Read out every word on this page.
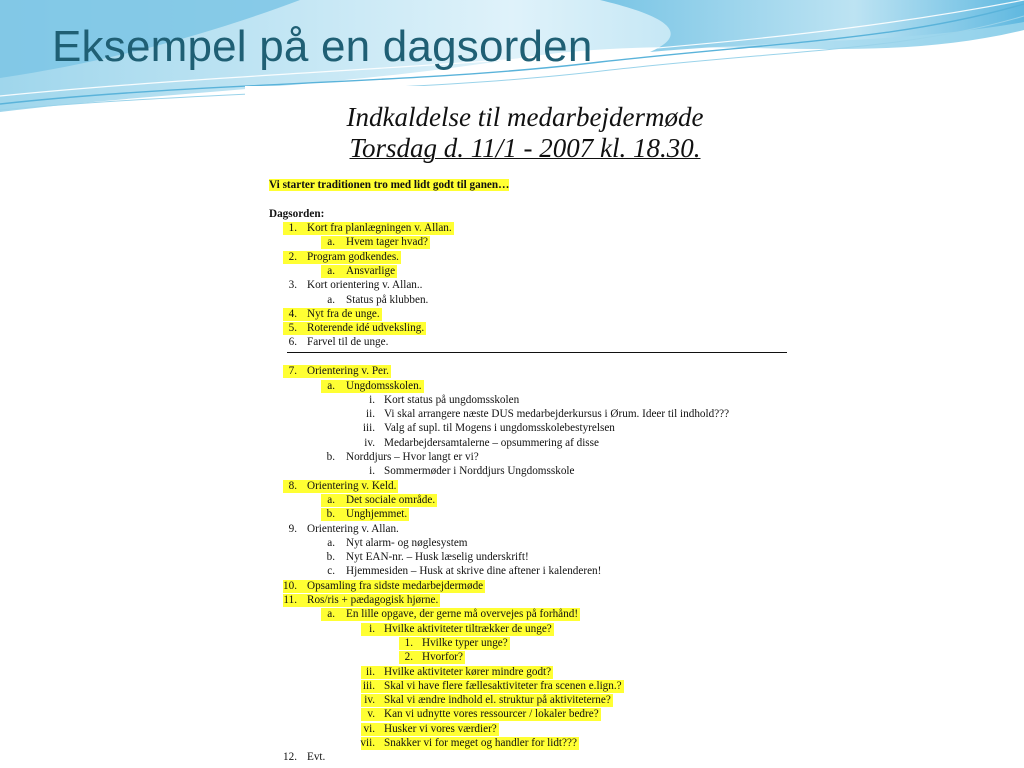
Eksempel på en dagsorden
Indkaldelse til medarbejdermøde
Torsdag d. 11/1 - 2007 kl. 18.30.
Vi starter traditionen tro med lidt godt til ganen…
Dagsorden:
1. Kort fra planlægningen v. Allan.
a. Hvem tager hvad?
2. Program godkendes.
a. Ansvarlige
3. Kort orientering v. Allan..
a. Status på klubben.
4. Nyt fra de unge.
5. Roterende idé udveksling.
6. Farvel til de unge.
7. Orientering v. Per.
a. Ungdomsskolen.
i. Kort status på ungdomsskolen
ii. Vi skal arrangere næste DUS medarbejderkursus i Ørum. Ideer til indhold???
iii. Valg af supl. til Mogens i ungdomsskolebestyrelsen
iv. Medarbejdersamtalerne – opsummering af disse
b. Norddjurs – Hvor langt er vi?
i. Sommermøder i Norddjurs Ungdomsskole
8. Orientering v. Keld.
a. Det sociale område.
b. Unghjemmet.
9. Orientering v. Allan.
a. Nyt alarm- og nøglesystem
b. Nyt EAN-nr. – Husk læselig underskrift!
c. Hjemmesiden – Husk at skrive dine aftener i kalenderen!
10. Opsamling fra sidste medarbejdermøde
11. Ros/ris + pædagogisk hjørne.
a. En lille opgave, der gerne må overvejes på forhånd!
i. Hvilke aktiviteter tiltrækker de unge?
1. Hvilke typer unge?
2. Hvorfor?
ii. Hvilke aktiviteter kører mindre godt?
iii. Skal vi have flere fællesaktiviteter fra scenen e.lign.?
iv. Skal vi ændre indhold el. struktur på aktiviteterne?
v. Kan vi udnytte vores ressourcer / lokaler bedre?
vi. Husker vi vores værdier?
vii. Snakker vi for meget og handler for lidt???
12. Evt.
